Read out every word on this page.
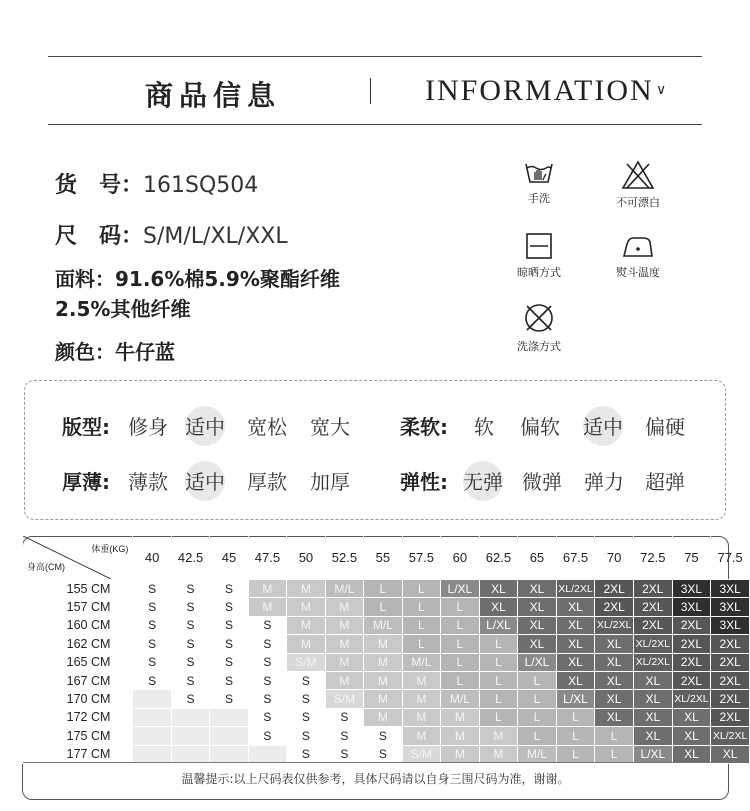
商品信息	INFORMATION ∨
货　号：161SQ504
尺　码：S/M/L/XL/XXL
面料：91.6%棉5.9%聚酯纤维
2.5%其他纤维
颜色：牛仔蓝
手洗	不可漂白
晾晒方式	熨斗温度
洗涤方式
版型: 修身 适中 宽松 宽大	柔软: 软 偏软 适中 偏硬
厚薄: 薄款 适中 厚款 加厚	弹性: 无弹 微弹 弹力 超弹
体重(KG)
身高(CM)	40	42.5	45	47.5	50	52.5	55	57.5	60	62.5	65	67.5	70	72.5	75	77.5
155 CM	S	S	S	M	M	M/L	L	L	L/XL	XL	XL	XL/2XL	2XL	2XL	3XL	3XL
157 CM	S	S	S	M	M	M	L	L	L	XL	XL	XL	2XL	2XL	3XL	3XL
160 CM	S	S	S	S	M	M	M/L	L	L	L/XL	XL	XL	XL/2XL	2XL	2XL	3XL
162 CM	S	S	S	S	M	M	M	L	L	L	XL	XL	XL	XL/2XL	2XL	2XL
165 CM	S	S	S	S	S/M	M	M	M/L	L	L	L/XL	XL	XL	XL/2XL	2XL	2XL
167 CM	S	S	S	S	S	M	M	M	L	L	L	XL	XL	XL	2XL	2XL
170 CM		S	S	S	S	S/M	M	M	M/L	L	L	L/XL	XL	XL	XL/2XL	2XL
172 CM				S	S	S	M	M	M	L	L	L	XL	XL	XL	2XL
175 CM				S	S	S	S	M	M	M	L	L	L	XL	XL	XL/2XL
177 CM					S	S	S	S/M	M	M	M/L	L	L	L/XL	XL	XL
温馨提示:以上尺码表仅供参考，具体尺码请以自身三围尺码为准，谢谢。
